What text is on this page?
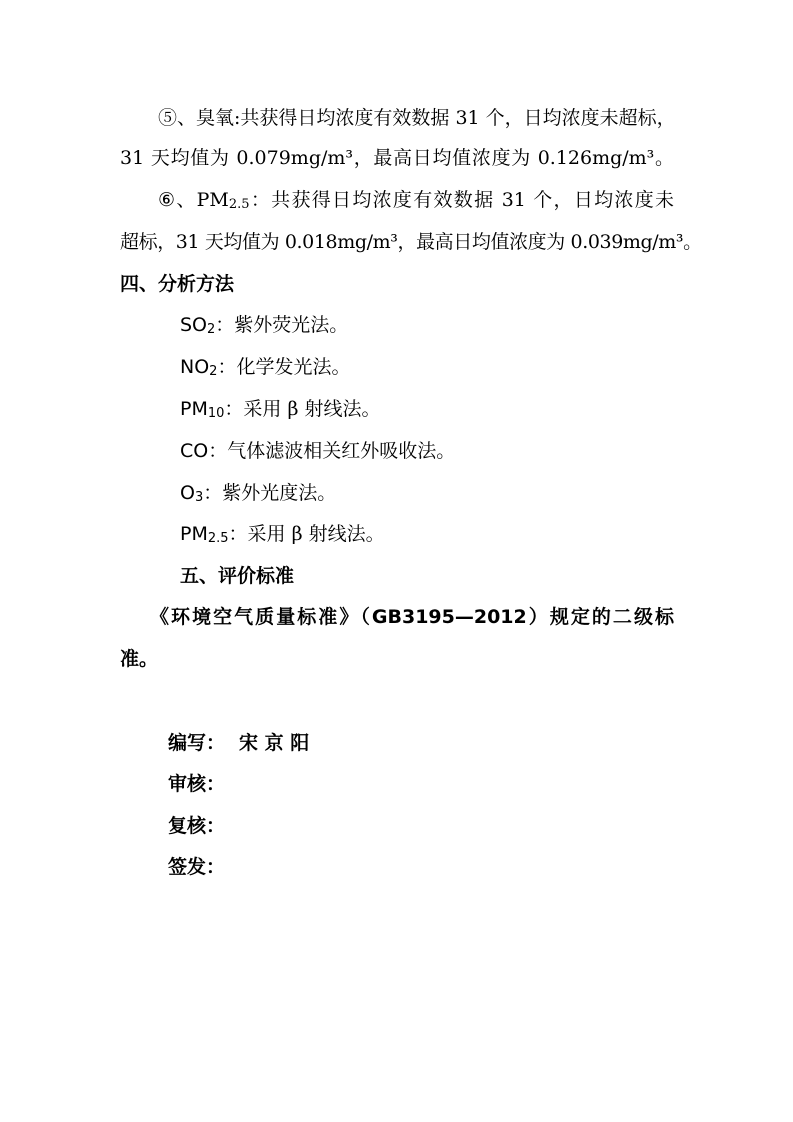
⑤、臭氧:共获得日均浓度有效数据 31 个，日均浓度未超标，
31 天均值为 0.079mg/m³，最高日均值浓度为 0.126mg/m³。
⑥、$PM_{2.5}$：共获得日均浓度有效数据 31 个，日均浓度未
超标，31 天均值为 0.018mg/m³，最高日均值浓度为 0.039mg/m³。
四、分析方法
$SO_2$：紫外荧光法。
$NO_2$：化学发光法。
$PM_{10}$：采用 β 射线法。
CO：气体滤波相关红外吸收法。
$O_3$：紫外光度法。
$PM_{2.5}$：采用 β 射线法。
五、评价标准
《环境空气质量标准》（GB3195—2012）规定的二级标
准。
编写： 宋 京 阳
审核：
复核：
签发：
